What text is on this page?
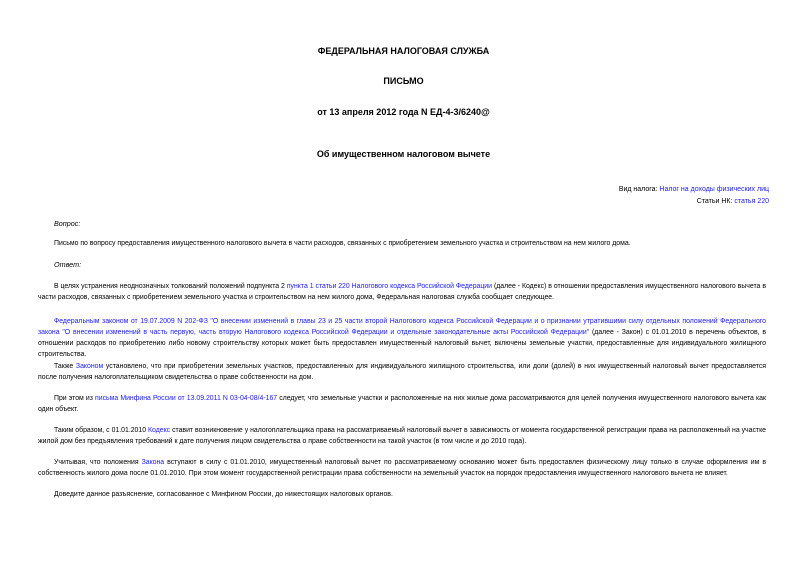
ФЕДЕРАЛЬНАЯ НАЛОГОВАЯ СЛУЖБА
ПИСЬМО
от 13 апреля 2012 года N ЕД-4-3/6240@
Об имущественном налоговом вычете
Вид налога: Налог на доходы физических лиц
Статьи НК: статья 220
Вопрос:
Письмо по вопросу предоставления имущественного налогового вычета в части расходов, связанных с приобретением земельного участка и строительством на нем жилого дома.
Ответ:
В целях устранения неоднозначных толкований положений подпункта 2 пункта 1 статьи 220 Налогового кодекса Российской Федерации (далее - Кодекс) в отношении предоставления имущественного налогового вычета в части расходов, связанных с приобретением земельного участка и строительством на нем жилого дома, Федеральная налоговая служба сообщает следующее.
Федеральным законом от 19.07.2009 N 202-ФЗ "О внесении изменений в главы 23 и 25 части второй Налогового кодекса Российской Федерации и о признании утратившими силу отдельных положений Федерального закона "О внесении изменений в часть первую, часть вторую Налогового кодекса Российской Федерации и отдельные законодательные акты Российской Федерации" (далее - Закон) с 01.01.2010 в перечень объектов, в отношении расходов по приобретению либо новому строительству которых может быть предоставлен имущественный налоговый вычет, включены земельные участки, предоставленные для индивидуального жилищного строительства.
Также Законом установлено, что при приобретении земельных участков, предоставленных для индивидуального жилищного строительства, или доли (долей) в них имущественный налоговый вычет предоставляется после получения налогоплательщиком свидетельства о праве собственности на дом.
При этом из письма Минфина России от 13.09.2011 N 03-04-08/4-167 следует, что земельные участки и расположенные на них жилые дома рассматриваются для целей получения имущественного налогового вычета как один объект.
Таким образом, с 01.01.2010 Кодекс ставит возникновение у налогоплательщика права на рассматриваемый налоговый вычет в зависимость от момента государственной регистрации права на расположенный на участке жилой дом без предъявления требований к дате получения лицом свидетельства о праве собственности на такой участок (в том числе и до 2010 года).
Учитывая, что положения Закона вступают в силу с 01.01.2010, имущественный налоговый вычет по рассматриваемому основанию может быть предоставлен физическому лицу только в случае оформления им в собственность жилого дома после 01.01.2010. При этом момент государственной регистрации права собственности на земельный участок на порядок предоставления имущественного налогового вычета не влияет.
Доведите данное разъяснение, согласованное с Минфином России, до нижестоящих налоговых органов.
